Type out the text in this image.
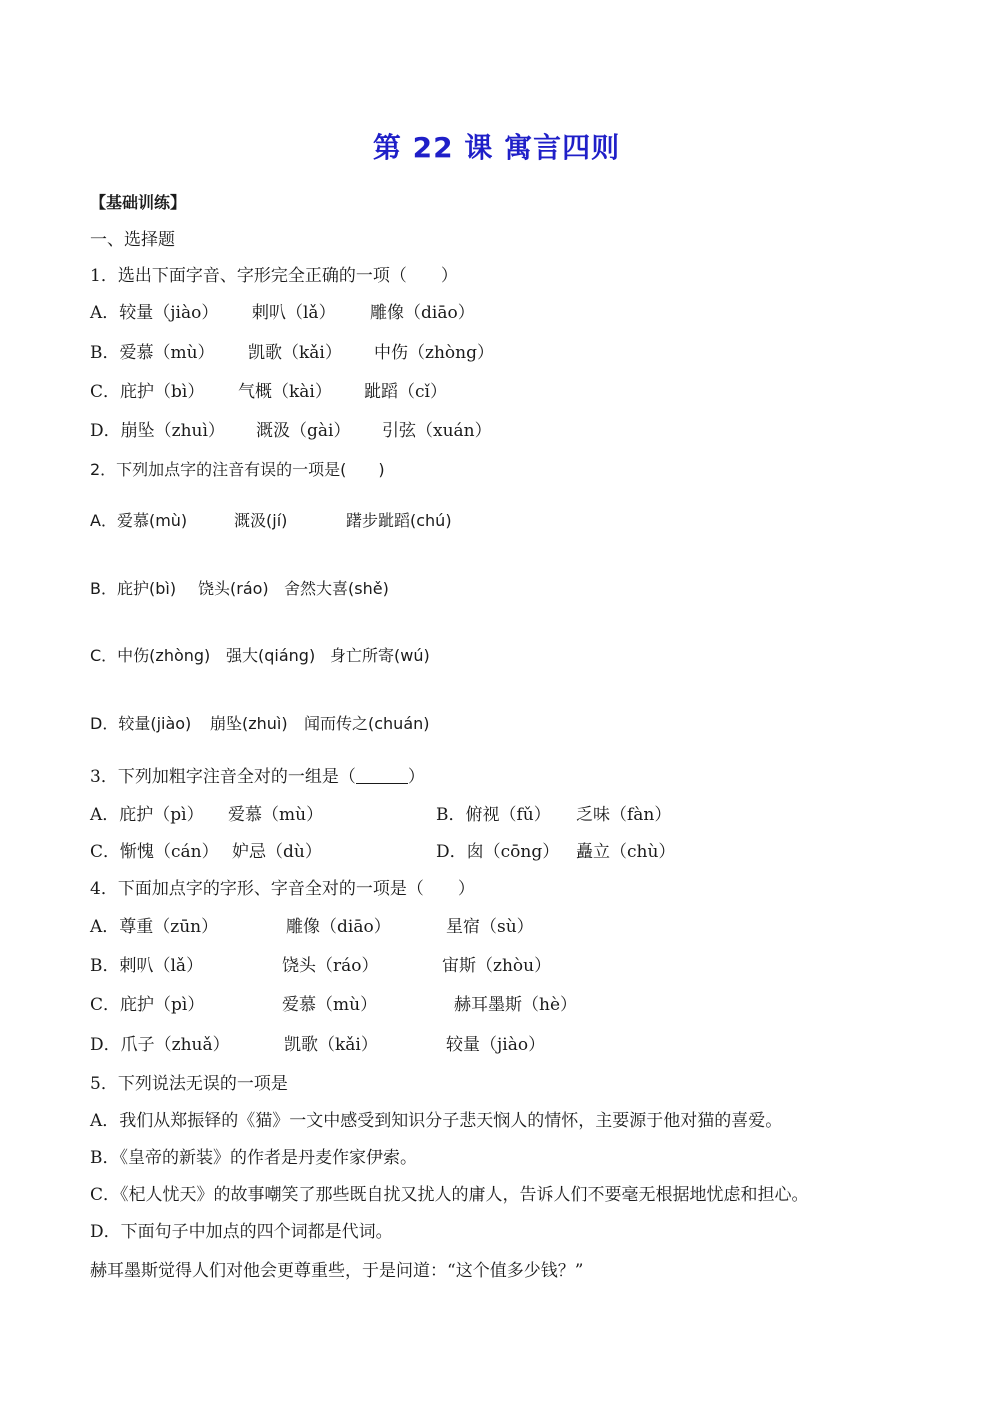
第 22 课 寓言四则
【基础训练】
一、选择题
1．选出下面字音、字形完全正确的一项（　　）
A．较量（jiào） 剌叭（lǎ） 雕像（diāo）
B．爱慕（mù） 凯歌（kǎi） 中伤（zhòng）
C．庇护（bì） 气概（kài） 跐蹈（cǐ）
D．崩坠（zhuì） 溉汲（gài） 引弦（xuán）
2．下列加点字的注音有误的一项是(　　)
A．爱慕(mù)	溉汲(jí)	躇步跐蹈(chú)
B．庇护(bì) 饶头(ráo) 舍然大喜(shě)
C．中伤(zhòng) 强大(qiáng) 身亡所寄(wú)
D．较量(jiào) 崩坠(zhuì) 闻而传之(chuán)
3．下列加粗字注音全对的一组是（	）
A．庇护（pì） 爱慕（mù）	B．俯视（fǔ） 乏味（fàn）
C．惭愧（cán） 妒忌（dù）	D．囱（cōng） 矗立（chù）
4．下面加点字的字形、字音全对的一项是（　　）
A．尊重（zūn）	雕像（diāo）	星宿（sù）
B．剌叭（lǎ）	饶头（ráo）	宙斯（zhòu）
C．庇护（pì）	爱慕（mù）	赫耳墨斯（hè）
D．爪子（zhuǎ）	凯歌（kǎi）	较量（jiào）
5．下列说法无误的一项是
A．我们从郑振铎的《猫》一文中感受到知识分子悲天悯人的情怀，主要源于他对猫的喜爱。
B．《皇帝的新装》的作者是丹麦作家伊索。
C．《杞人忧天》的故事嘲笑了那些既自扰又扰人的庸人，告诉人们不要毫无根据地忧虑和担心。
D．下面句子中加点的四个词都是代词。
赫耳墨斯觉得人们对他会更尊重些，于是问道：“这个值多少钱？”
